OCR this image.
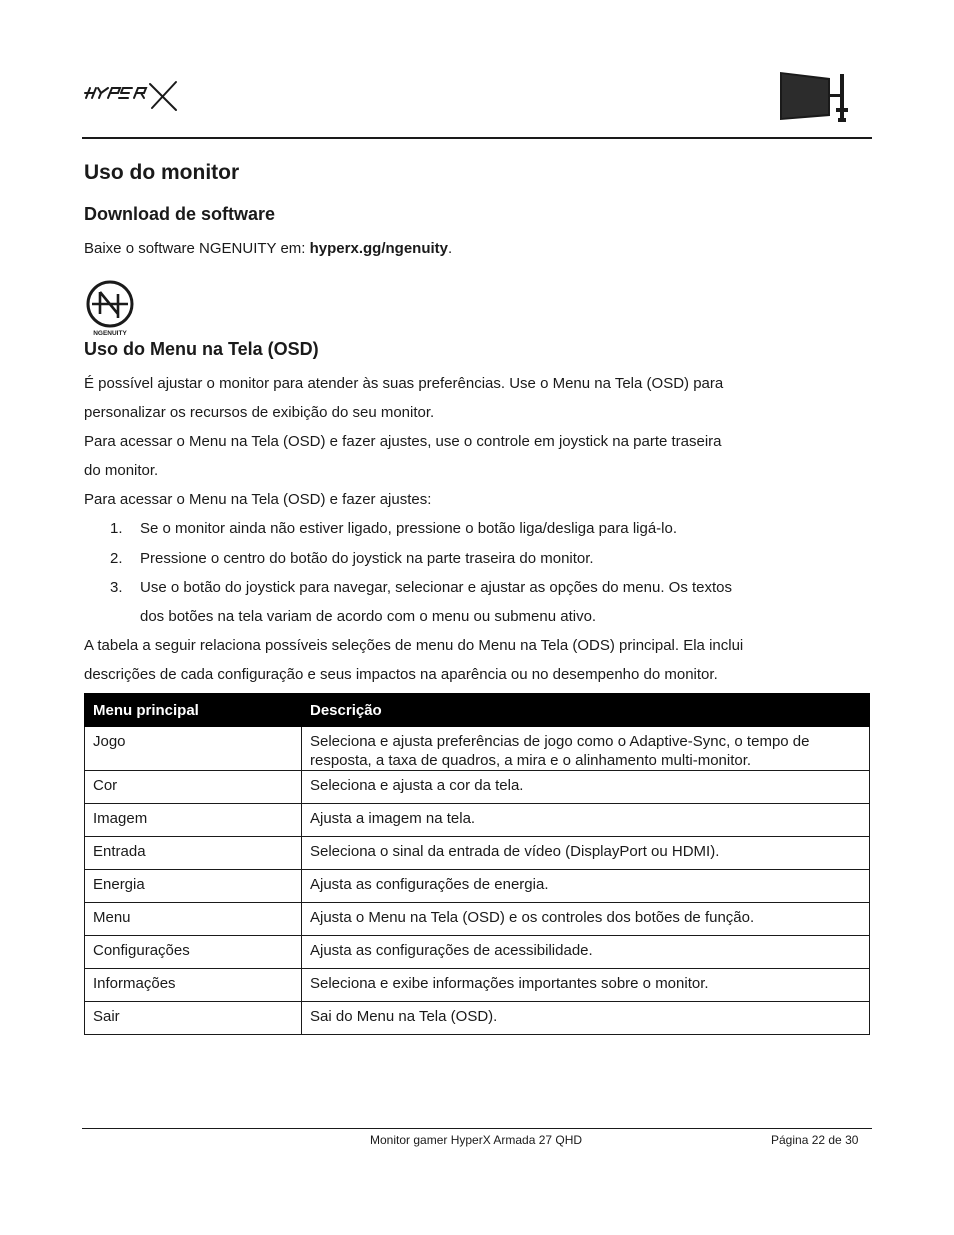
Uso do monitor
Download de software

Baixe o software NGENUITY em: hyperx.gg/ngenuity.

NGENUITY
Uso do Menu na Tela (OSD)

É possível ajustar o monitor para atender às suas preferências. Use o Menu na Tela (OSD) para

personalizar os recursos de exibição do seu monitor.

Para acessar o Menu na Tela (OSD) e fazer ajustes, use o controle em joystick na parte traseira

do monitor.

Para acessar o Menu na Tela (OSD) e fazer ajustes:

1. Se o monitor ainda não estiver ligado, pressione o botão liga/desliga para ligá-lo.
2. Pressione o centro do botão do joystick na parte traseira do monitor.
3. Use o botão do joystick para navegar, selecionar e ajustar as opções do menu. Os textos
dos botões na tela variam de acordo com o menu ou submenu ativo.

A tabela a seguir relaciona possíveis seleções de menu do Menu na Tela (ODS) principal. Ela inclui

descrições de cada configuração e seus impactos na aparência ou no desempenho do monitor.

Menu principal	Descrição
Jogo	Seleciona e ajusta preferências de jogo como o Adaptive-Sync, o tempo de resposta, a taxa de quadros, a mira e o alinhamento multi-monitor.
Cor	Seleciona e ajusta a cor da tela.
Imagem	Ajusta a imagem na tela.
Entrada	Seleciona o sinal da entrada de vídeo (DisplayPort ou HDMI).
Energia	Ajusta as configurações de energia.
Menu	Ajusta o Menu na Tela (OSD) e os controles dos botões de função.
Configurações	Ajusta as configurações de acessibilidade.
Informações	Seleciona e exibe informações importantes sobre o monitor.
Sair	Sai do Menu na Tela (OSD).
Monitor gamer HyperX Armada 27 QHD	Página 22 de 30
